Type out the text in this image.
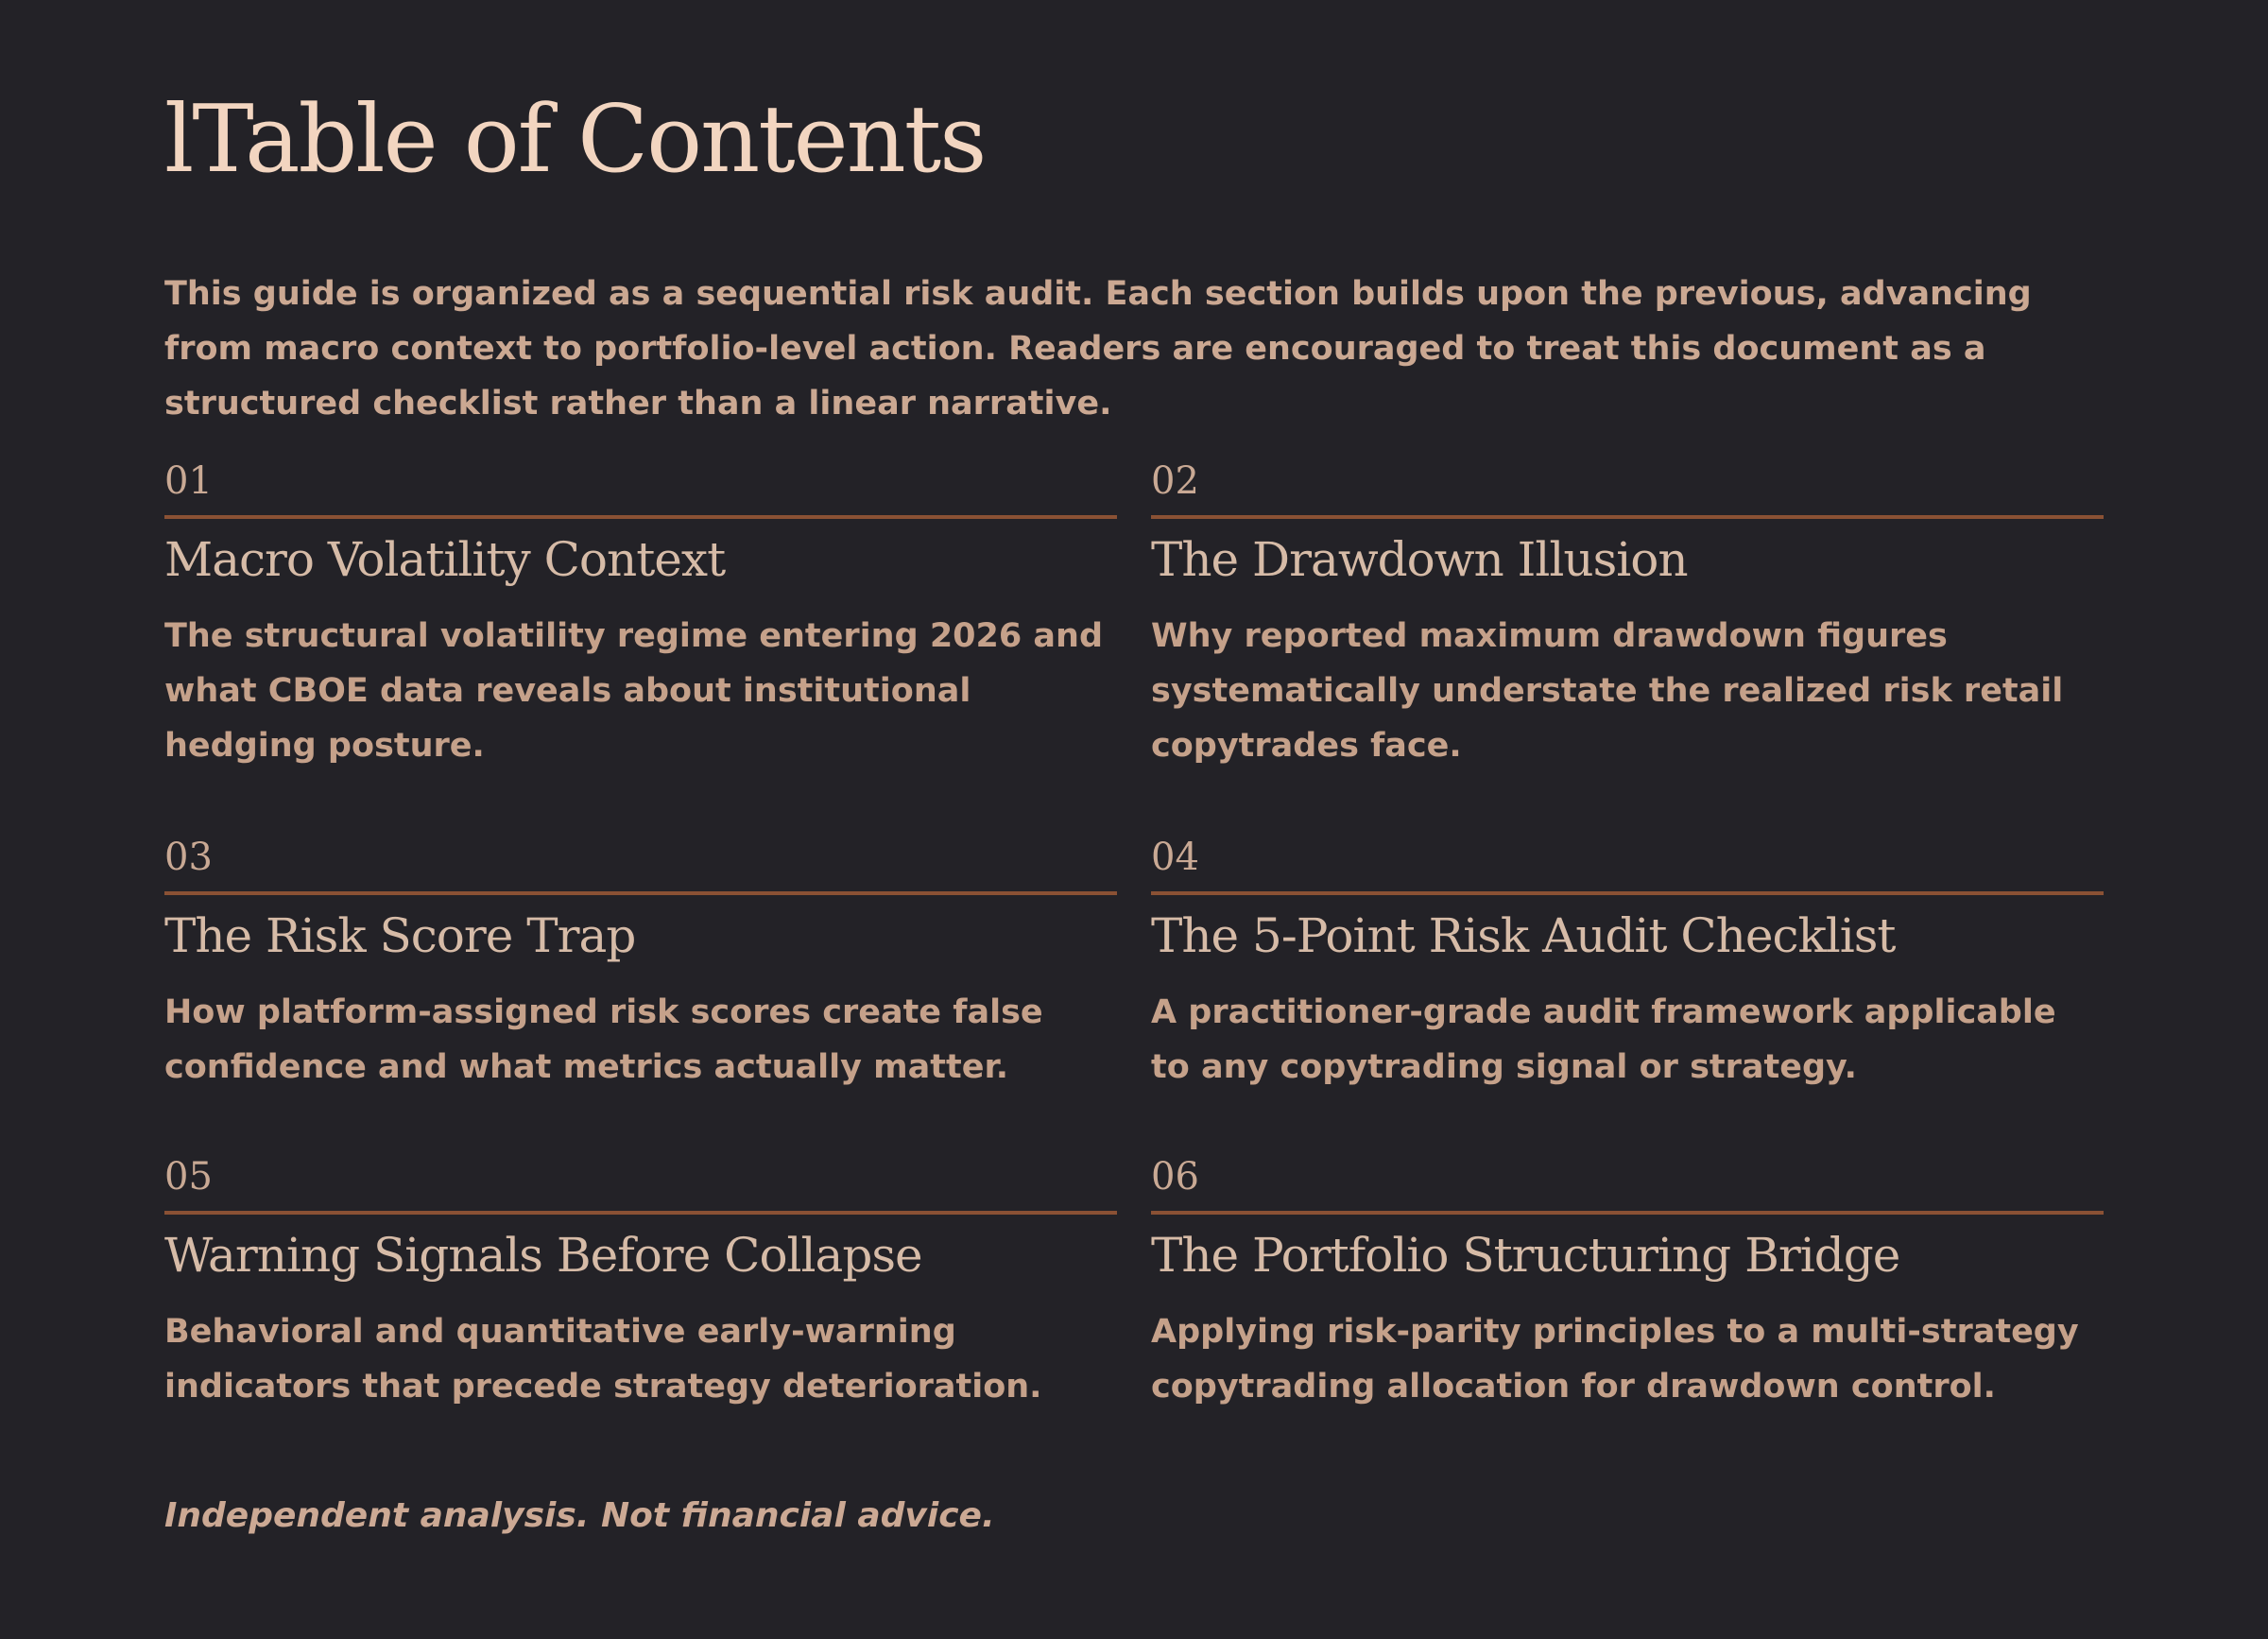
lTable of Contents

This guide is organized as a sequential risk audit. Each section builds upon the previous, advancing from macro context to portfolio-level action. Readers are encouraged to treat this document as a structured checklist rather than a linear narrative.

01
Macro Volatility Context

The structural volatility regime entering 2026 and what CBOE data reveals about institutional hedging posture.

02
The Drawdown Illusion

Why reported maximum drawdown figures systematically understate the realized risk retail copytrades face.

03
The Risk Score Trap

How platform-assigned risk scores create false confidence and what metrics actually matter.

04
The 5-Point Risk Audit Checklist

A practitioner-grade audit framework applicable to any copytrading signal or strategy.

05
Warning Signals Before Collapse

Behavioral and quantitative early-warning indicators that precede strategy deterioration.

06
The Portfolio Structuring Bridge

Applying risk-parity principles to a multi-strategy copytrading allocation for drawdown control.

Independent analysis. Not financial advice.
